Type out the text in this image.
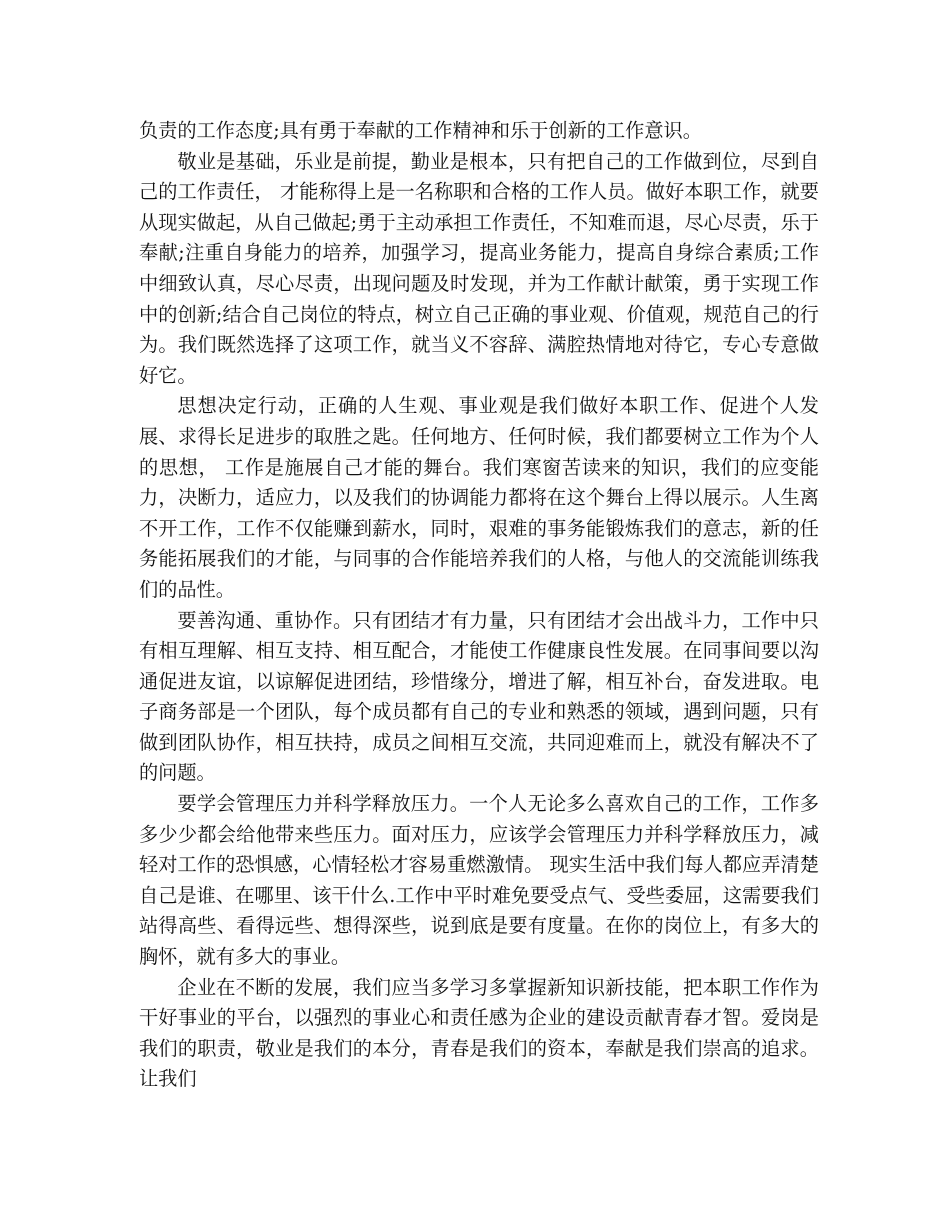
负责的工作态度;具有勇于奉献的工作精神和乐于创新的工作意识。

敬业是基础，乐业是前提，勤业是根本，只有把自己的工作做到位，尽到自己的工作责任， 才能称得上是一名称职和合格的工作人员。做好本职工作，就要从现实做起，从自己做起;勇于主动承担工作责任，不知难而退，尽心尽责，乐于奉献;注重自身能力的培养，加强学习，提高业务能力，提高自身综合素质;工作中细致认真，尽心尽责，出现问题及时发现，并为工作献计献策，勇于实现工作中的创新;结合自己岗位的特点，树立自己正确的事业观、价值观，规范自己的行为。我们既然选择了这项工作，就当义不容辞、满腔热情地对待它，专心专意做好它。

思想决定行动，正确的人生观、事业观是我们做好本职工作、促进个人发展、求得长足进步的取胜之匙。任何地方、任何时候，我们都要树立工作为个人的思想， 工作是施展自己才能的舞台。我们寒窗苦读来的知识，我们的应变能力，决断力，适应力，以及我们的协调能力都将在这个舞台上得以展示。人生离不开工作，工作不仅能赚到薪水，同时，艰难的事务能锻炼我们的意志，新的任务能拓展我们的才能，与同事的合作能培养我们的人格，与他人的交流能训练我们的品性。

要善沟通、重协作。只有团结才有力量，只有团结才会出战斗力，工作中只有相互理解、相互支持、相互配合，才能使工作健康良性发展。在同事间要以沟通促进友谊，以谅解促进团结，珍惜缘分，增进了解，相互补台，奋发进取。电子商务部是一个团队，每个成员都有自己的专业和熟悉的领域，遇到问题，只有做到团队协作，相互扶持，成员之间相互交流，共同迎难而上，就没有解决不了的问题。

要学会管理压力并科学释放压力。一个人无论多么喜欢自己的工作，工作多多少少都会给他带来些压力。面对压力，应该学会管理压力并科学释放压力，减轻对工作的恐惧感，心情轻松才容易重燃激情。 现实生活中我们每人都应弄清楚自己是谁、在哪里、该干什么.工作中平时难免要受点气、受些委屈，这需要我们站得高些、看得远些、想得深些，说到底是要有度量。在你的岗位上，有多大的胸怀，就有多大的事业。

企业在不断的发展，我们应当多学习多掌握新知识新技能，把本职工作作为干好事业的平台，以强烈的事业心和责任感为企业的建设贡献青春才智。爱岗是我们的职责，敬业是我们的本分，青春是我们的资本，奉献是我们崇高的追求。让我们
